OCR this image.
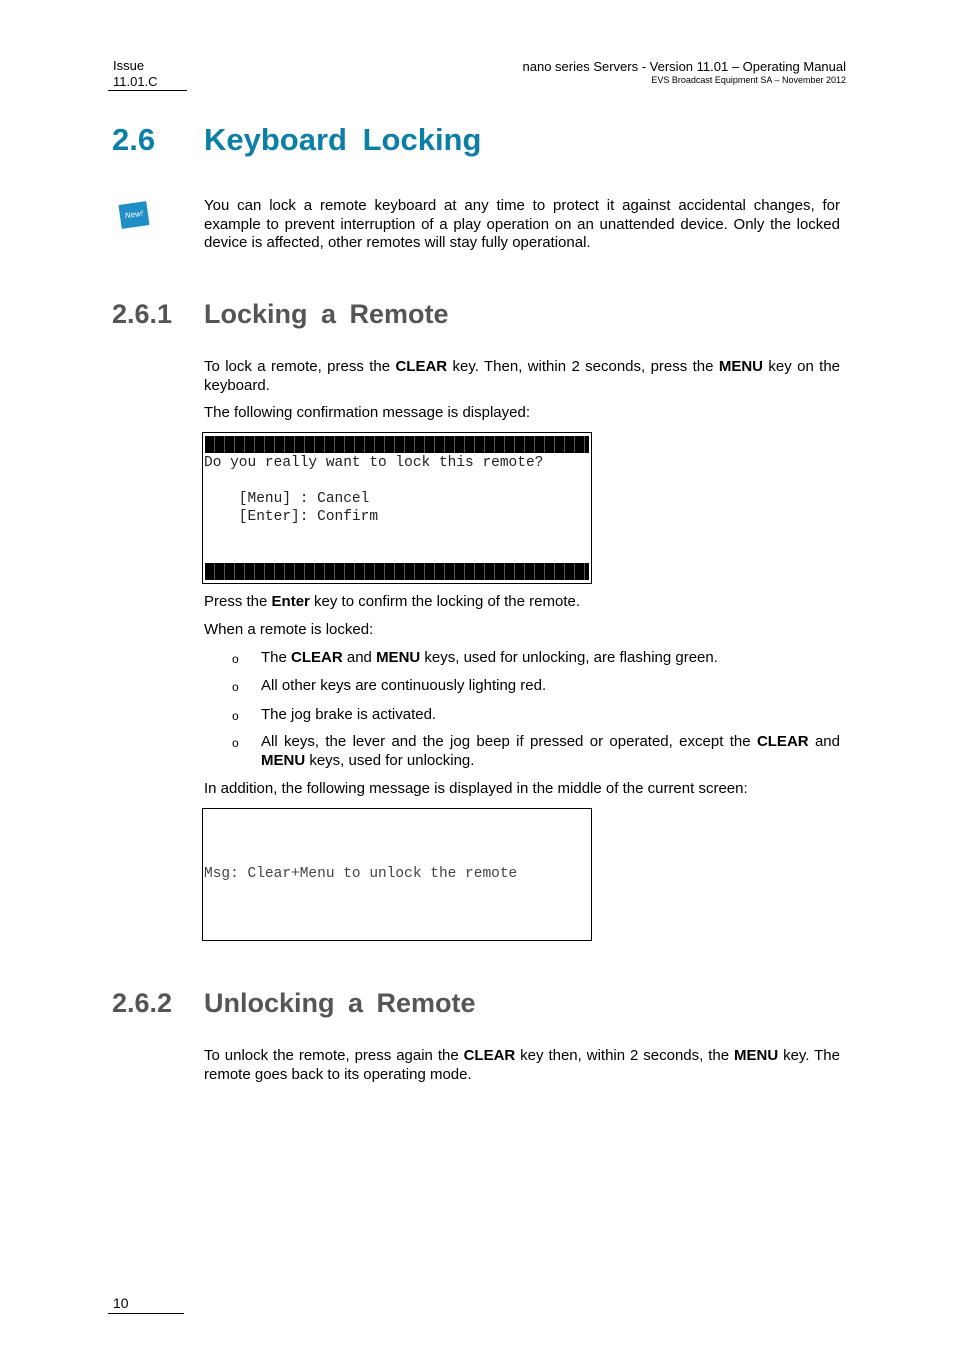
Issue
11.01.C
nano series Servers - Version 11.01 – Operating Manual
EVS Broadcast Equipment SA – November 2012
2.6 Keyboard Locking
New!
You can lock a remote keyboard at any time to protect it against accidental changes, for example to prevent interruption of a play operation on an unattended device. Only the locked device is affected, other remotes will stay fully operational.
2.6.1 Locking a Remote
To lock a remote, press the CLEAR key. Then, within 2 seconds, press the MENU key on the keyboard.
The following confirmation message is displayed:
Do you really want to lock this remote?
[Menu] : Cancel
[Enter]: Confirm
Press the Enter key to confirm the locking of the remote.
When a remote is locked:
o The CLEAR and MENU keys, used for unlocking, are flashing green.
o All other keys are continuously lighting red.
o The jog brake is activated.
o All keys, the lever and the jog beep if pressed or operated, except the CLEAR and MENU keys, used for unlocking.
In addition, the following message is displayed in the middle of the current screen:
Msg: Clear+Menu to unlock the remote
2.6.2 Unlocking a Remote
To unlock the remote, press again the CLEAR key then, within 2 seconds, the MENU key. The remote goes back to its operating mode.
10
